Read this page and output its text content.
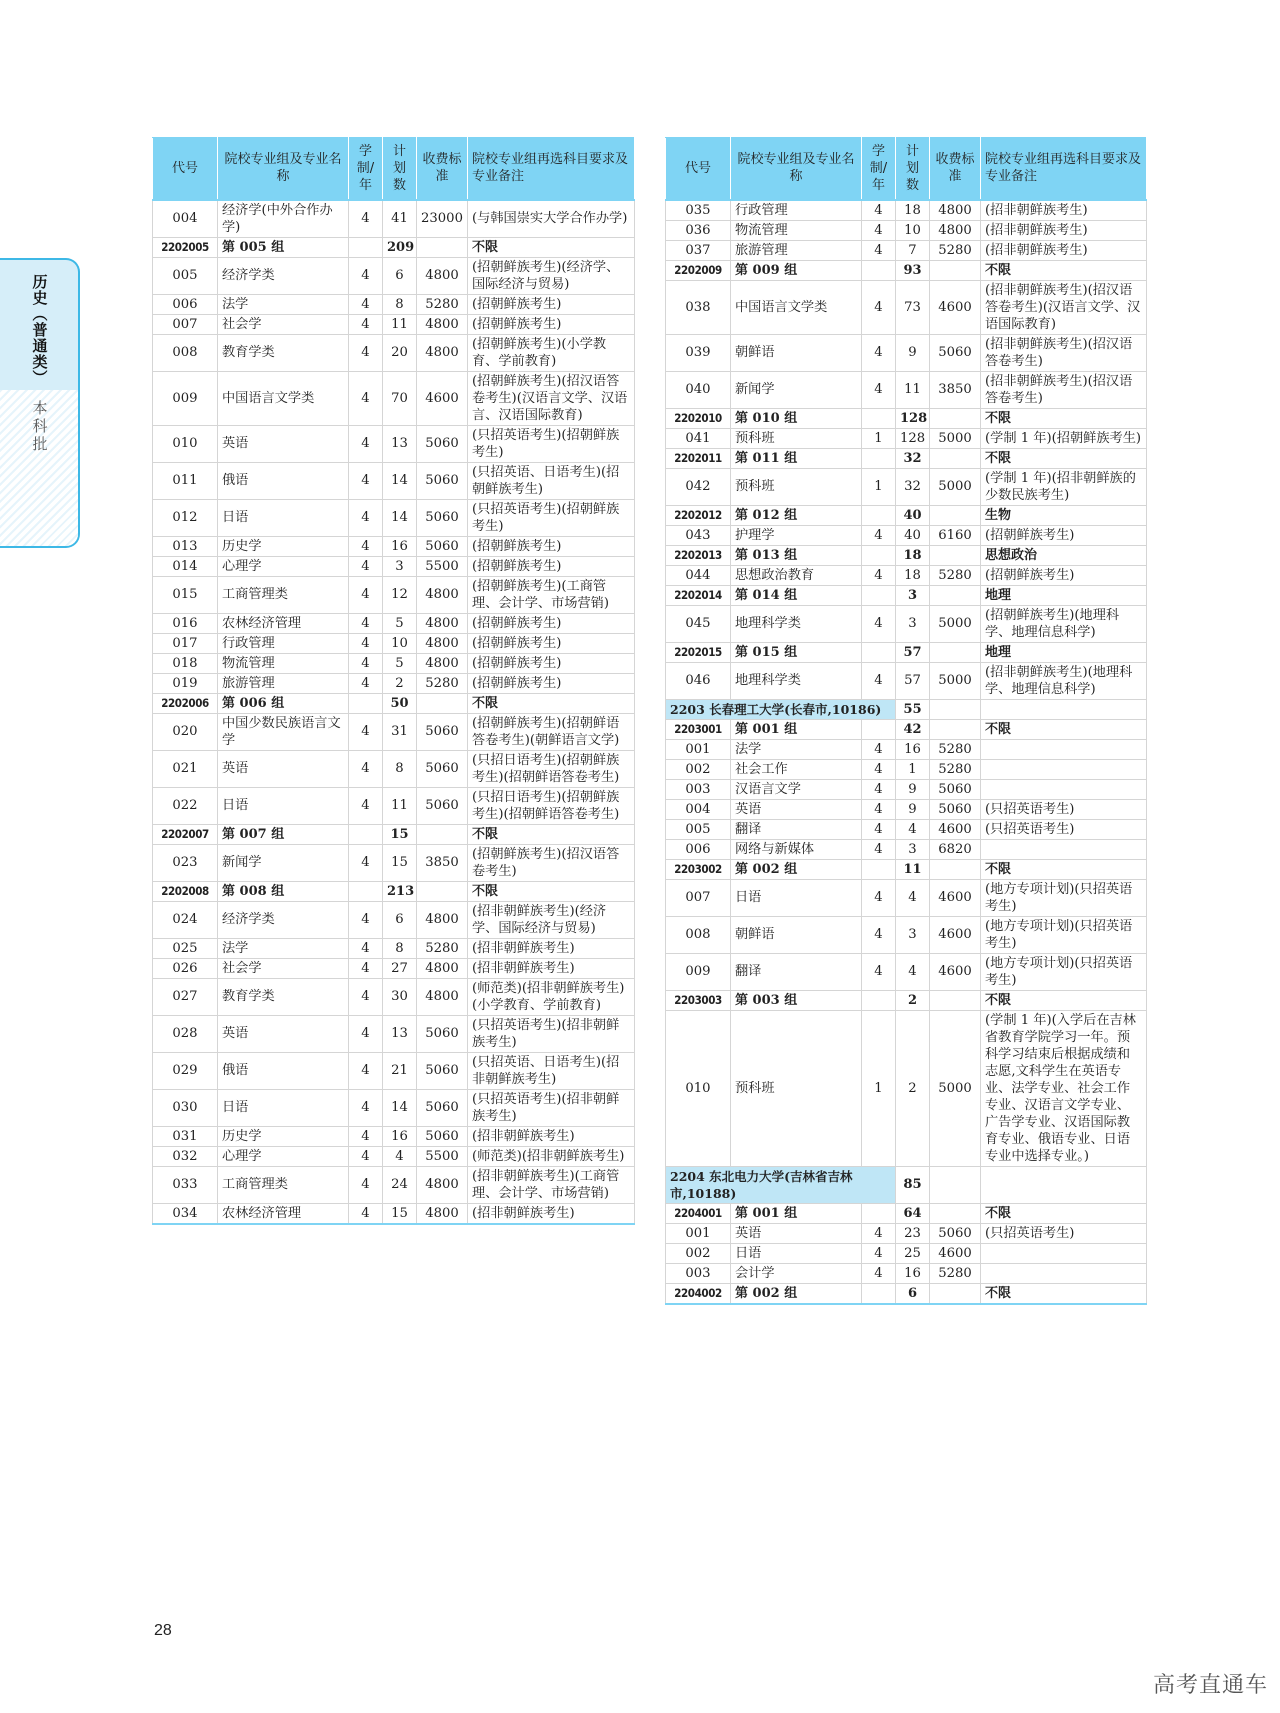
历史（普通类）
本科批
代号	院校专业组及专业名称	学制/年	计划数	收费标准	院校专业组再选科目要求及专业备注
004	经济学(中外合作办学)	4	41	23000	(与韩国崇实大学合作办学)
2202005	第 005 组		209		不限
005	经济学类	4	6	4800	(招朝鲜族考生)(经济学、国际经济与贸易)
006	法学	4	8	5280	(招朝鲜族考生)
007	社会学	4	11	4800	(招朝鲜族考生)
008	教育学类	4	20	4800	(招朝鲜族考生)(小学教育、学前教育)
009	中国语言文学类	4	70	4600	(招朝鲜族考生)(招汉语答卷考生)(汉语言文学、汉语言、汉语国际教育)
010	英语	4	13	5060	(只招英语考生)(招朝鲜族考生)
011	俄语	4	14	5060	(只招英语、日语考生)(招朝鲜族考生)
012	日语	4	14	5060	(只招英语考生)(招朝鲜族考生)
013	历史学	4	16	5060	(招朝鲜族考生)
014	心理学	4	3	5500	(招朝鲜族考生)
015	工商管理类	4	12	4800	(招朝鲜族考生)(工商管理、会计学、市场营销)
016	农林经济管理	4	5	4800	(招朝鲜族考生)
017	行政管理	4	10	4800	(招朝鲜族考生)
018	物流管理	4	5	4800	(招朝鲜族考生)
019	旅游管理	4	2	5280	(招朝鲜族考生)
2202006	第 006 组		50		不限
020	中国少数民族语言文学	4	31	5060	(招朝鲜族考生)(招朝鲜语答卷考生)(朝鲜语言文学)
021	英语	4	8	5060	(只招日语考生)(招朝鲜族考生)(招朝鲜语答卷考生)
022	日语	4	11	5060	(只招日语考生)(招朝鲜族考生)(招朝鲜语答卷考生)
2202007	第 007 组		15		不限
023	新闻学	4	15	3850	(招朝鲜族考生)(招汉语答卷考生)
2202008	第 008 组		213		不限
024	经济学类	4	6	4800	(招非朝鲜族考生)(经济学、国际经济与贸易)
025	法学	4	8	5280	(招非朝鲜族考生)
026	社会学	4	27	4800	(招非朝鲜族考生)
027	教育学类	4	30	4800	(师范类)(招非朝鲜族考生)(小学教育、学前教育)
028	英语	4	13	5060	(只招英语考生)(招非朝鲜族考生)
029	俄语	4	21	5060	(只招英语、日语考生)(招非朝鲜族考生)
030	日语	4	14	5060	(只招英语考生)(招非朝鲜族考生)
031	历史学	4	16	5060	(招非朝鲜族考生)
032	心理学	4	4	5500	(师范类)(招非朝鲜族考生)
033	工商管理类	4	24	4800	(招非朝鲜族考生)(工商管理、会计学、市场营销)
034	农林经济管理	4	15	4800	(招非朝鲜族考生)
代号	院校专业组及专业名称	学制/年	计划数	收费标准	院校专业组再选科目要求及专业备注
035	行政管理	4	18	4800	(招非朝鲜族考生)
036	物流管理	4	10	4800	(招非朝鲜族考生)
037	旅游管理	4	7	5280	(招非朝鲜族考生)
2202009	第 009 组		93		不限
038	中国语言文学类	4	73	4600	(招非朝鲜族考生)(招汉语答卷考生)(汉语言文学、汉语国际教育)
039	朝鲜语	4	9	5060	(招非朝鲜族考生)(招汉语答卷考生)
040	新闻学	4	11	3850	(招非朝鲜族考生)(招汉语答卷考生)
2202010	第 010 组		128		不限
041	预科班	1	128	5000	(学制 1 年)(招朝鲜族考生)
2202011	第 011 组		32		不限
042	预科班	1	32	5000	(学制 1 年)(招非朝鲜族的少数民族考生)
2202012	第 012 组		40		生物
043	护理学	4	40	6160	(招朝鲜族考生)
2202013	第 013 组		18		思想政治
044	思想政治教育	4	18	5280	(招朝鲜族考生)
2202014	第 014 组		3		地理
045	地理科学类	4	3	5000	(招朝鲜族考生)(地理科学、地理信息科学)
2202015	第 015 组		57		地理
046	地理科学类	4	57	5000	(招非朝鲜族考生)(地理科学、地理信息科学)
2203 长春理工大学(长春市,10186)			55		
2203001	第 001 组		42		不限
001	法学	4	16	5280	
002	社会工作	4	1	5280	
003	汉语言文学	4	9	5060	
004	英语	4	9	5060	(只招英语考生)
005	翻译	4	4	4600	(只招英语考生)
006	网络与新媒体	4	3	6820	
2203002	第 002 组		11		不限
007	日语	4	4	4600	(地方专项计划)(只招英语考生)
008	朝鲜语	4	3	4600	(地方专项计划)(只招英语考生)
009	翻译	4	4	4600	(地方专项计划)(只招英语考生)
2203003	第 003 组		2		不限
010	预科班	1	2	5000	(学制 1 年)(入学后在吉林省教育学院学习一年。预科学习结束后根据成绩和志愿,文科学生在英语专业、法学专业、社会工作专业、汉语言文学专业、广告学专业、汉语国际教育专业、俄语专业、日语专业中选择专业。)
2204 东北电力大学(吉林省吉林市,10188)			85		
2204001	第 001 组		64		不限
001	英语	4	23	5060	(只招英语考生)
002	日语	4	25	4600	
003	会计学	4	16	5280	
2204002	第 002 组		6		不限
28
高考直通车
